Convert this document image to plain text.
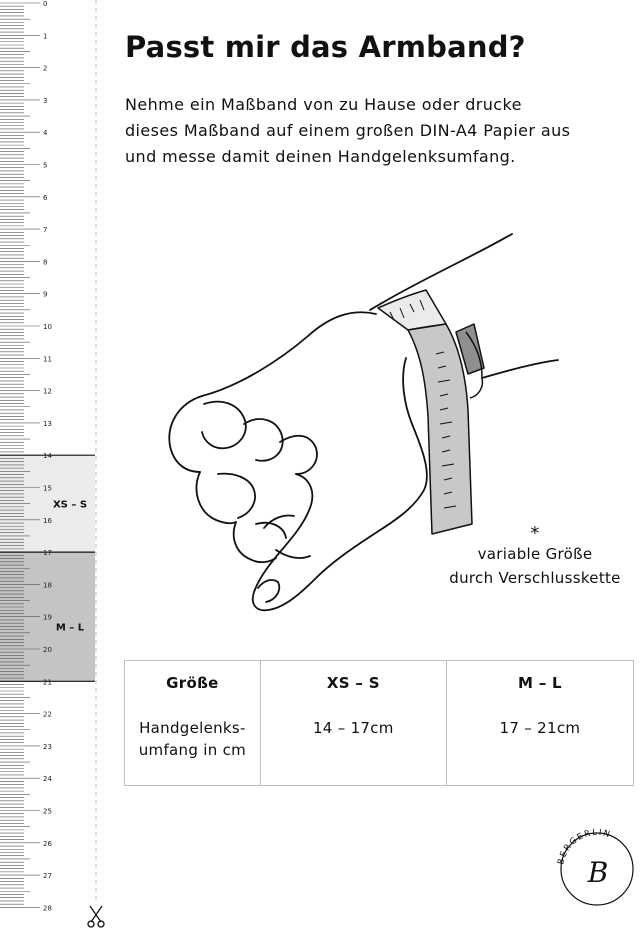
0
1
2
3
4
5
6
7
8
9
10
11
12
13
14
15
16
17
18
19
20
21
22
23
24
25
26
27
28
XS – S
M – L
Passt mir das Armband?

Nehme ein Maßband von zu Hause oder drucke
dieses Maßband auf einem großen DIN-A4 Papier aus
und messe damit deinen Handgelenksumfang.

*
variable Größe
durch Verschlusskette
Größe	XS – S	M – L
Handgelenks-
umfang in cm	14 – 17cm	17 – 21cm
BERGERLIN
B
